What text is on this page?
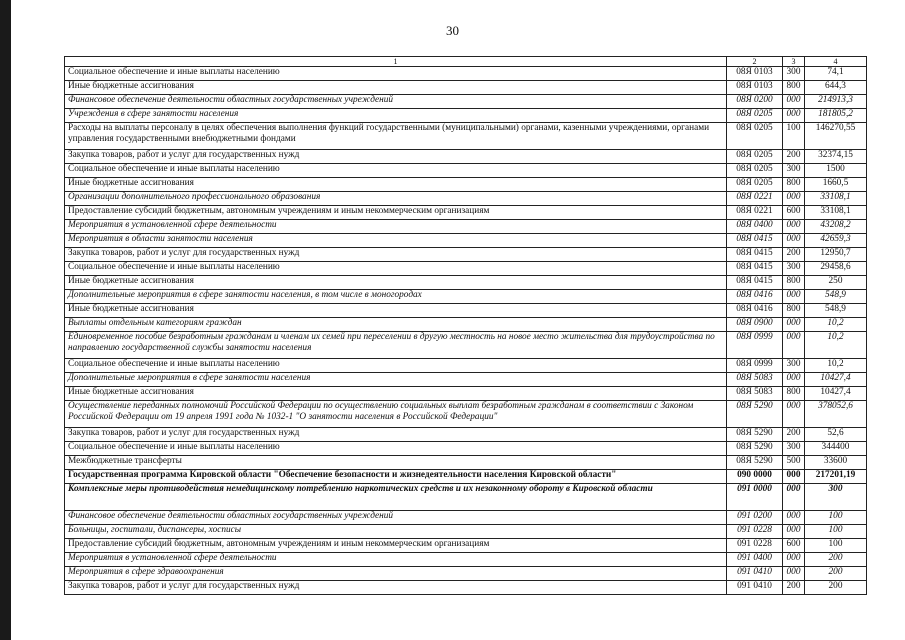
30
1	2	3	4
Социальное обеспечение и иные выплаты населению	08Я 0103	300	74,1
Иные бюджетные ассигнования	08Я 0103	800	644,3
Финансовое обеспечение деятельности областных государственных учреждений	08Я 0200	000	214913,3
Учреждения в сфере занятости населения	08Я 0205	000	181805,2
Расходы на выплаты персоналу в целях обеспечения выполнения функций государственными (муниципальными) органами, казенными учреждениями, органами управления государственными внебюджетными фондами	08Я 0205	100	146270,55
Закупка товаров, работ и услуг для государственных нужд	08Я 0205	200	32374,15
Социальное обеспечение и иные выплаты населению	08Я 0205	300	1500
Иные бюджетные ассигнования	08Я 0205	800	1660,5
Организации дополнительного профессионального образования	08Я 0221	000	33108,1
Предоставление субсидий бюджетным, автономным учреждениям и иным некоммерческим организациям	08Я 0221	600	33108,1
Мероприятия в установленной сфере деятельности	08Я 0400	000	43208,2
Мероприятия в области занятости населения	08Я 0415	000	42659,3
Закупка товаров, работ и услуг для государственных нужд	08Я 0415	200	12950,7
Социальное обеспечение и иные выплаты населению	08Я 0415	300	29458,6
Иные бюджетные ассигнования	08Я 0415	800	250
Дополнительные мероприятия в сфере занятости населения, в том числе в моногородах	08Я 0416	000	548,9
Иные бюджетные ассигнования	08Я 0416	800	548,9
Выплаты отдельным категориям граждан	08Я 0900	000	10,2
Единовременное пособие безработным гражданам и членам их семей при переселении в другую местность на новое место жительства для трудоустройства по направлению государственной службы занятости населения	08Я 0999	000	10,2
Социальное обеспечение и иные выплаты населению	08Я 0999	300	10,2
Дополнительные мероприятия в сфере занятости населения	08Я 5083	000	10427,4
Иные бюджетные ассигнования	08Я 5083	800	10427,4
Осуществление переданных полномочий Российской Федерации по осуществлению социальных выплат безработным гражданам в соответствии с Законом Российской Федерации от 19 апреля 1991 года № 1032-1 "О занятости населения в Российской Федерации"	08Я 5290	000	378052,6
Закупка товаров, работ и услуг для государственных нужд	08Я 5290	200	52,6
Социальное обеспечение и иные выплаты населению	08Я 5290	300	344400
Межбюджетные трансферты	08Я 5290	500	33600
Государственная программа Кировской области "Обеспечение безопасности и жизнедеятельности населения Кировской области"	090 0000	000	217201,19
Комплексные меры противодействия немедицинскому потреблению наркотических средств и их незаконному обороту в Кировской области	091 0000	000	300
Финансовое обеспечение деятельности областных государственных учреждений	091 0200	000	100
Больницы, госпитали, диспансеры, хосписы	091 0228	000	100
Предоставление субсидий бюджетным, автономным учреждениям и иным некоммерческим организациям	091 0228	600	100
Мероприятия в установленной сфере деятельности	091 0400	000	200
Мероприятия в сфере здравоохранения	091 0410	000	200
Закупка товаров, работ и услуг для государственных нужд	091 0410	200	200
